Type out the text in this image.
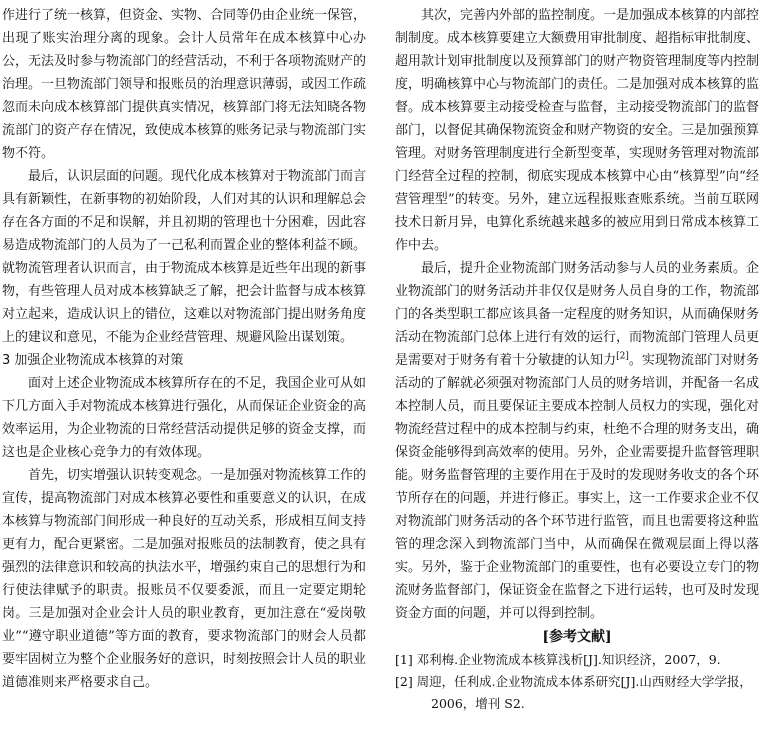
作进行了统一核算，但资金、实物、合同等仍由企业统一保管，出现了账实治理分离的现象。会计人员常年在成本核算中心办公，无法及时参与物流部门的经营活动，不利于各项物流财产的治理。一旦物流部门领导和报账员的治理意识薄弱，或因工作疏忽而未向成本核算部门提供真实情况，核算部门将无法知晓各物流部门的资产存在情况，致使成本核算的账务记录与物流部门实物不符。

最后，认识层面的问题。现代化成本核算对于物流部门而言具有新颖性，在新事物的初始阶段，人们对其的认识和理解总会存在各方面的不足和误解，并且初期的管理也十分困难，因此容易造成物流部门的人员为了一己私利而置企业的整体利益不顾。就物流管理者认识而言，由于物流成本核算是近些年出现的新事物，有些管理人员对成本核算缺乏了解，把会计监督与成本核算对立起来，造成认识上的错位，这难以对物流部门提出财务角度上的建议和意见，不能为企业经营管理、规避风险出谋划策。

3 加强企业物流成本核算的对策

面对上述企业物流成本核算所存在的不足，我国企业可从如下几方面入手对物流成本核算进行强化，从而保证企业资金的高效率运用，为企业物流的日常经营活动提供足够的资金支撑，而这也是企业核心竞争力的有效体现。

首先，切实增强认识转变观念。一是加强对物流核算工作的宣传，提高物流部门对成本核算必要性和重要意义的认识，在成本核算与物流部门间形成一种良好的互动关系，形成相互间支持更有力，配合更紧密。二是加强对报账员的法制教育，使之具有强烈的法律意识和较高的执法水平，增强约束自己的思想行为和行使法律赋予的职责。报账员不仅要委派，而且一定要定期轮岗。三是加强对企业会计人员的职业教育，更加注意在“爱岗敬业”“遵守职业道德”等方面的教育，要求物流部门的财会人员都要牢固树立为整个企业服务好的意识，时刻按照会计人员的职业道德准则来严格要求自己。

其次，完善内外部的监控制度。一是加强成本核算的内部控制制度。成本核算要建立大额费用审批制度、超指标审批制度、超用款计划审批制度以及预算部门的财产物资管理制度等内控制度，明确核算中心与物流部门的责任。二是加强对成本核算的监督。成本核算要主动接受检查与监督，主动接受物流部门的监督部门，以督促其确保物流资金和财产物资的安全。三是加强预算管理。对财务管理制度进行全新型变革，实现财务管理对物流部门经营全过程的控制，彻底实现成本核算中心由“核算型”向“经营管理型”的转变。另外，建立远程报账查账系统。当前互联网技术日新月异，电算化系统越来越多的被应用到日常成本核算工作中去。

最后，提升企业物流部门财务活动参与人员的业务素质。企业物流部门的财务活动并非仅仅是财务人员自身的工作，物流部门的各类型职工都应该具备一定程度的财务知识，从而确保财务活动在物流部门总体上进行有效的运行，而物流部门管理人员更是需要对于财务有着十分敏捷的认知力[2]。实现物流部门对财务活动的了解就必须强对物流部门人员的财务培训，并配备一名成本控制人员，而且要保证主要成本控制人员权力的实现，强化对物流经营过程中的成本控制与约束，杜绝不合理的财务支出，确保资金能够得到高效率的使用。另外，企业需要提升监督管理职能。财务监督管理的主要作用在于及时的发现财务收支的各个环节所存在的问题，并进行修正。事实上，这一工作要求企业不仅对物流部门财务活动的各个环节进行监管，而且也需要将这种监管的理念深入到物流部门当中，从而确保在微观层面上得以落实。另外，鉴于企业物流部门的重要性，也有必要设立专门的物流财务监督部门，保证资金在监督之下进行运转，也可及时发现资金方面的问题，并可以得到控制。

[参考文献]

[1] 邓利梅.企业物流成本核算浅析[J].知识经济，2007，9.

[2] 周迎，任利成.企业物流成本体系研究[J].山西财经大学学报，2006，增刊 S2.
